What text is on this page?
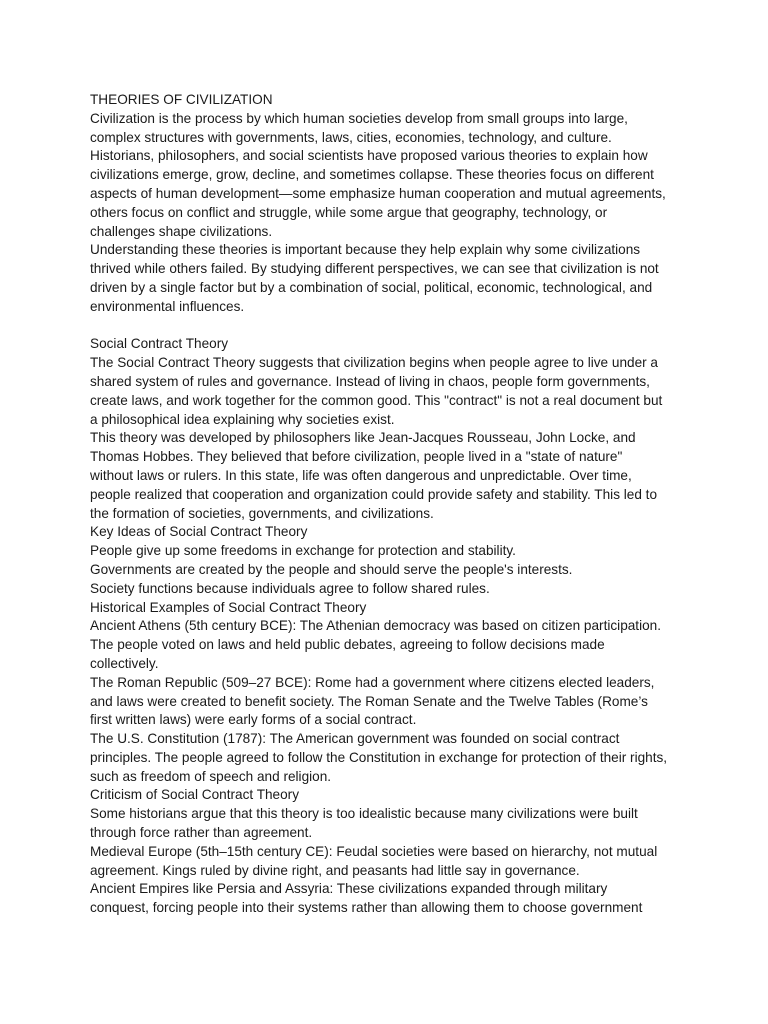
THEORIES OF CIVILIZATION

Civilization is the process by which human societies develop from small groups into large,
complex structures with governments, laws, cities, economies, technology, and culture.
Historians, philosophers, and social scientists have proposed various theories to explain how
civilizations emerge, grow, decline, and sometimes collapse. These theories focus on different
aspects of human development—some emphasize human cooperation and mutual agreements,
others focus on conflict and struggle, while some argue that geography, technology, or
challenges shape civilizations.

Understanding these theories is important because they help explain why some civilizations
thrived while others failed. By studying different perspectives, we can see that civilization is not
driven by a single factor but by a combination of social, political, economic, technological, and
environmental influences.

Social Contract Theory

The Social Contract Theory suggests that civilization begins when people agree to live under a
shared system of rules and governance. Instead of living in chaos, people form governments,
create laws, and work together for the common good. This "contract" is not a real document but
a philosophical idea explaining why societies exist.

This theory was developed by philosophers like Jean-Jacques Rousseau, John Locke, and
Thomas Hobbes. They believed that before civilization, people lived in a "state of nature"
without laws or rulers. In this state, life was often dangerous and unpredictable. Over time,
people realized that cooperation and organization could provide safety and stability. This led to
the formation of societies, governments, and civilizations.

Key Ideas of Social Contract Theory

People give up some freedoms in exchange for protection and stability.
Governments are created by the people and should serve the people's interests.
Society functions because individuals agree to follow shared rules.

Historical Examples of Social Contract Theory

Ancient Athens (5th century BCE): The Athenian democracy was based on citizen participation.
The people voted on laws and held public debates, agreeing to follow decisions made
collectively.

The Roman Republic (509–27 BCE): Rome had a government where citizens elected leaders,
and laws were created to benefit society. The Roman Senate and the Twelve Tables (Rome’s
first written laws) were early forms of a social contract.

The U.S. Constitution (1787): The American government was founded on social contract
principles. The people agreed to follow the Constitution in exchange for protection of their rights,
such as freedom of speech and religion.

Criticism of Social Contract Theory

Some historians argue that this theory is too idealistic because many civilizations were built
through force rather than agreement.

Medieval Europe (5th–15th century CE): Feudal societies were based on hierarchy, not mutual
agreement. Kings ruled by divine right, and peasants had little say in governance.

Ancient Empires like Persia and Assyria: These civilizations expanded through military
conquest, forcing people into their systems rather than allowing them to choose government
